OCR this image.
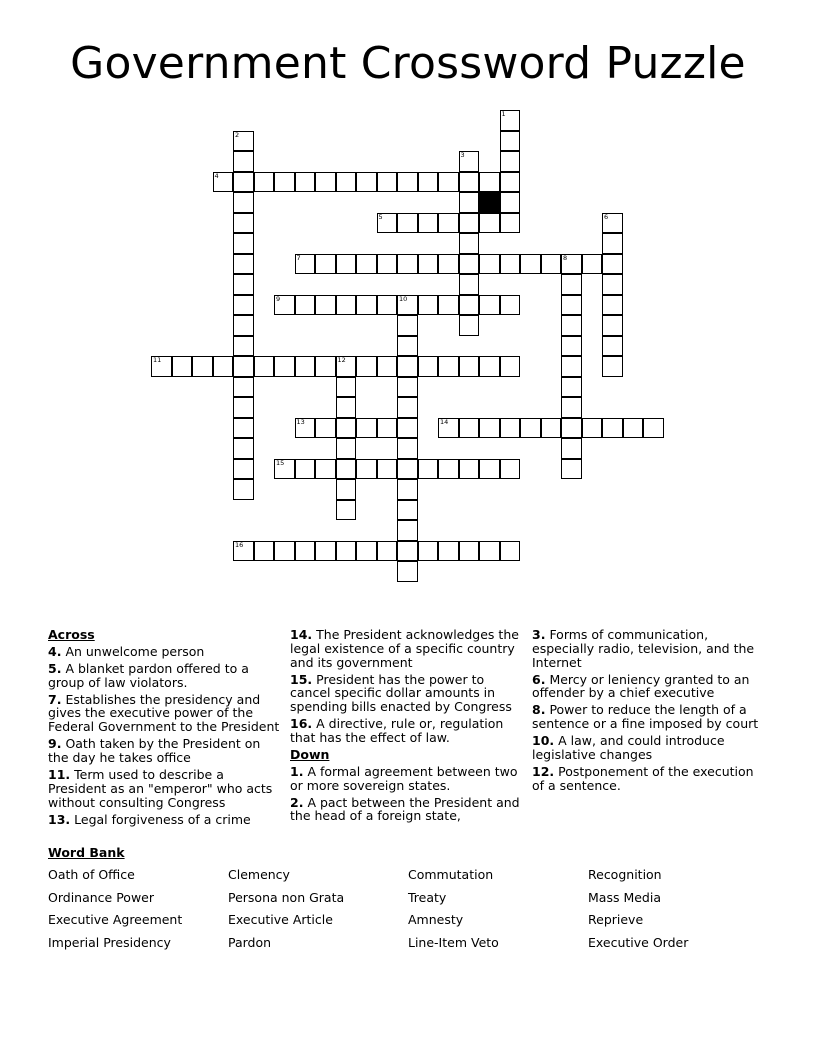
Government Crossword Puzzle
1
2
3
4
5	6
7	8
9	10
11	12
13	14
15
16
Across
4. An unwelcome person
5. A blanket pardon offered to a group of law violators.
7. Establishes the presidency and gives the executive power of the Federal Government to the President
9. Oath taken by the President on the day he takes office
11. Term used to describe a President as an "emperor" who acts without consulting Congress
13. Legal forgiveness of a crime
14. The President acknowledges the legal existence of a specific country and its government
15. President has the power to cancel specific dollar amounts in spending bills enacted by Congress
16. A directive, rule or, regulation that has the effect of law.
Down
1. A formal agreement between two or more sovereign states.
2. A pact between the President and the head of a foreign state,
3. Forms of communication, especially radio, television, and the Internet
6. Mercy or leniency granted to an offender by a chief executive
8. Power to reduce the length of a sentence or a fine imposed by court
10. A law, and could introduce legislative changes
12. Postponement of the execution of a sentence.
Word Bank
Oath of Office	Clemency	Commutation	Recognition
Ordinance Power	Persona non Grata	Treaty	Mass Media
Executive Agreement	Executive Article	Amnesty	Reprieve
Imperial Presidency	Pardon	Line-Item Veto	Executive Order
